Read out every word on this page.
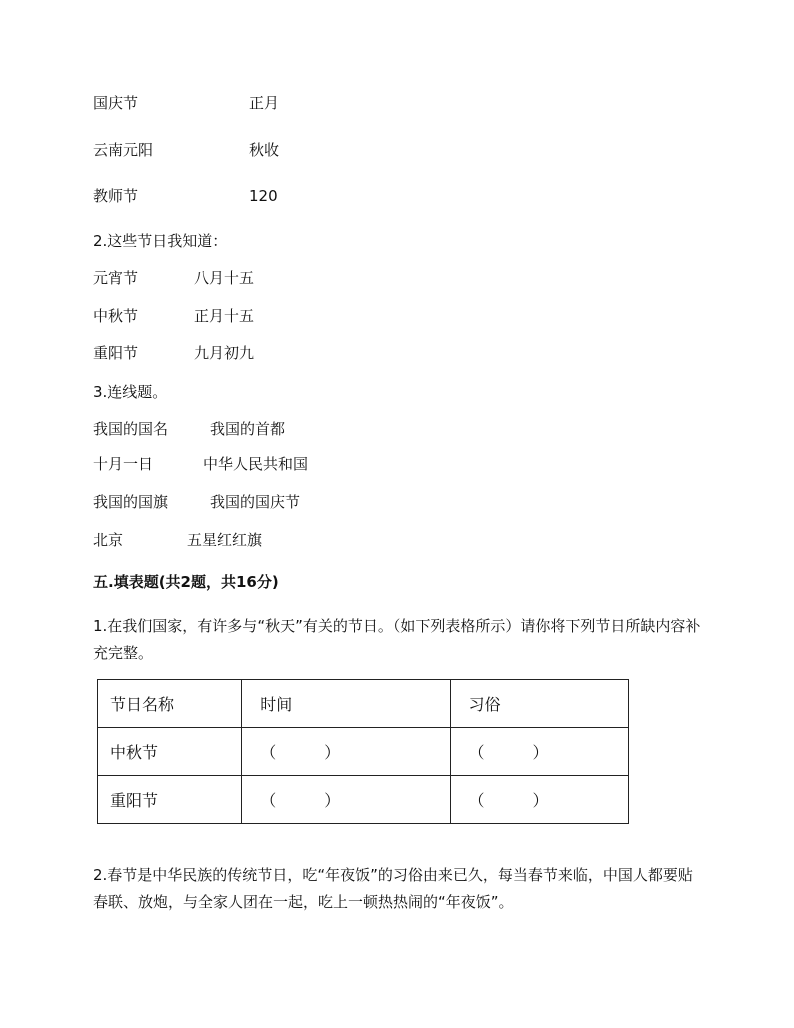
国庆节	正月
云南元阳	秋收
教师节	120
2.这些节日我知道：
元宵节	八月十五
中秋节	正月十五
重阳节	九月初九
3.连线题。
我国的国名	我国的首都
十月一日	中华人民共和国
我国的国旗	我国的国庆节
北京	五星红红旗
五.填表题(共2题，共16分)
1.在我们国家，有许多与“秋天”有关的节日。（如下列表格所示）请你将下列节日所缺内容补充完整。
节日名称	时间	习俗
中秋节	（　　　）	（　　　）
重阳节	（　　　）	（　　　）
2.春节是中华民族的传统节日，吃“年夜饭”的习俗由来已久，每当春节来临，中国人都要贴春联、放炮，与全家人团在一起，吃上一顿热热闹的“年夜饭”。
